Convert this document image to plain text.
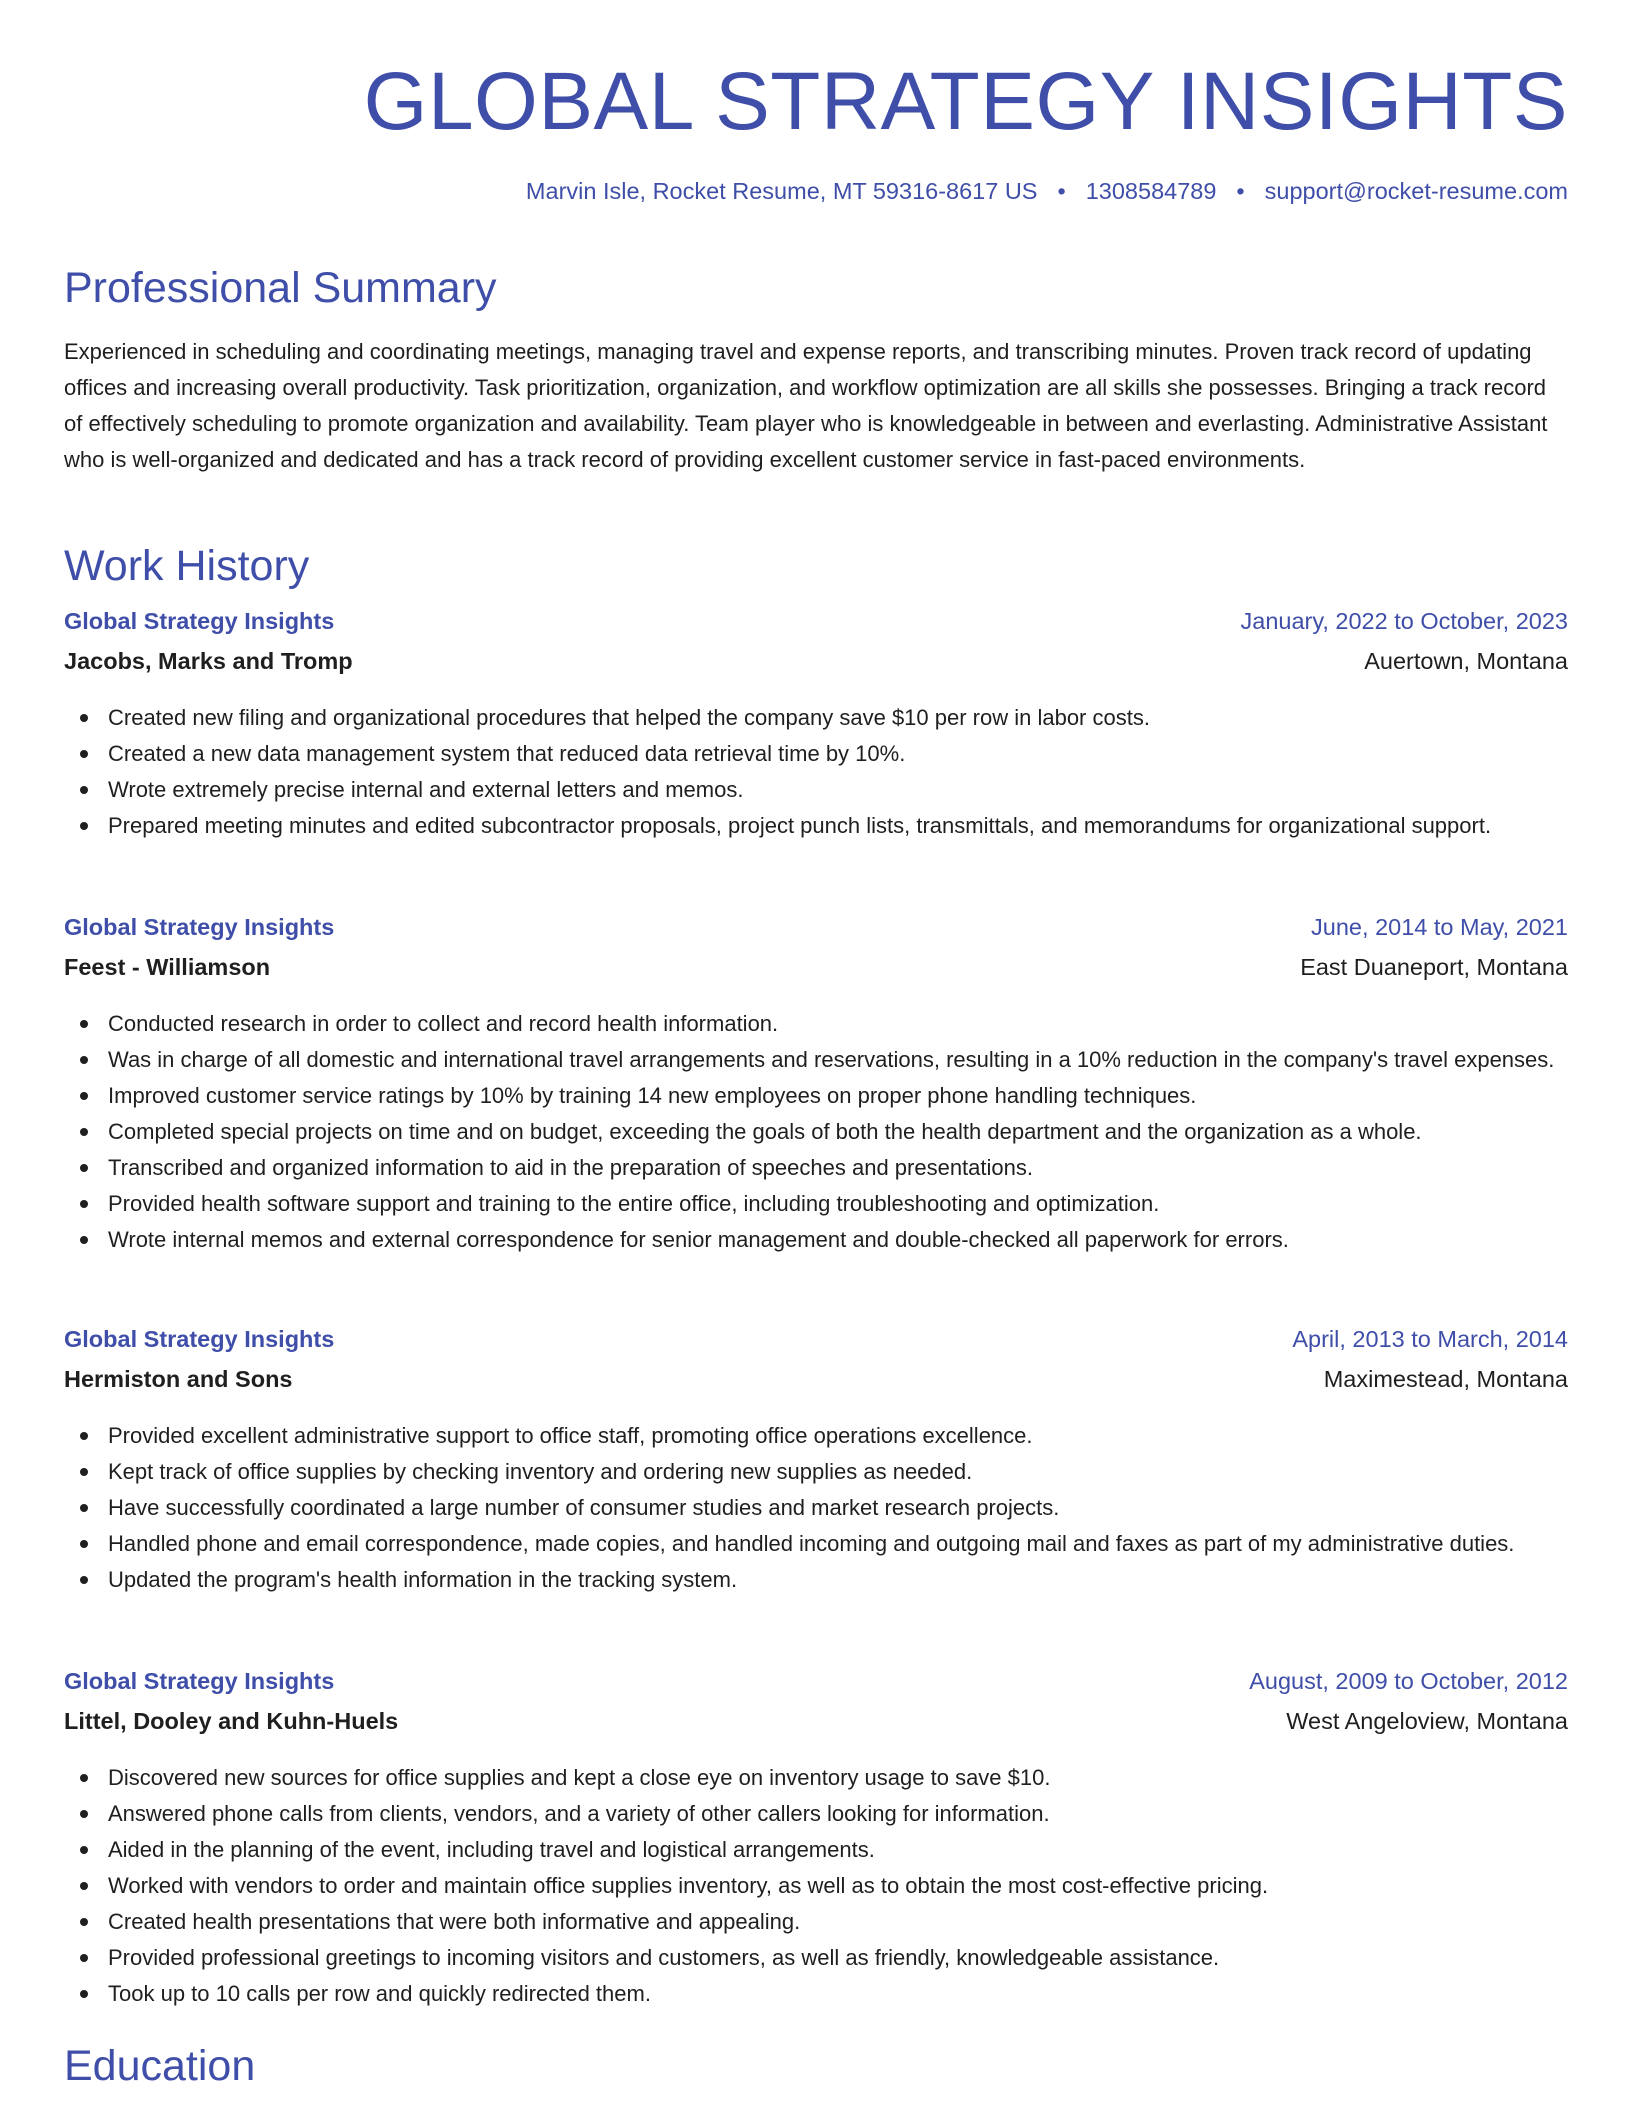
GLOBAL STRATEGY INSIGHTS
Marvin Isle, Rocket Resume, MT 59316-8617 US • 1308584789 • support@rocket-resume.com
Professional Summary

Experienced in scheduling and coordinating meetings, managing travel and expense reports, and transcribing minutes. Proven track record of updating offices and increasing overall productivity. Task prioritization, organization, and workflow optimization are all skills she possesses. Bringing a track record of effectively scheduling to promote organization and availability. Team player who is knowledgeable in between and everlasting. Administrative Assistant who is well-organized and dedicated and has a track record of providing excellent customer service in fast-paced environments.

Work History
Global Strategy Insights	January, 2022 to October, 2023
Jacobs, Marks and Tromp	Auertown, Montana
Created new filing and organizational procedures that helped the company save $10 per row in labor costs.
Created a new data management system that reduced data retrieval time by 10%.
Wrote extremely precise internal and external letters and memos.
Prepared meeting minutes and edited subcontractor proposals, project punch lists, transmittals, and memorandums for organizational support.
Global Strategy Insights	June, 2014 to May, 2021
Feest - Williamson	East Duaneport, Montana
Conducted research in order to collect and record health information.
Was in charge of all domestic and international travel arrangements and reservations, resulting in a 10% reduction in the company's travel expenses.
Improved customer service ratings by 10% by training 14 new employees on proper phone handling techniques.
Completed special projects on time and on budget, exceeding the goals of both the health department and the organization as a whole.
Transcribed and organized information to aid in the preparation of speeches and presentations.
Provided health software support and training to the entire office, including troubleshooting and optimization.
Wrote internal memos and external correspondence for senior management and double-checked all paperwork for errors.
Global Strategy Insights	April, 2013 to March, 2014
Hermiston and Sons	Maximestead, Montana
Provided excellent administrative support to office staff, promoting office operations excellence.
Kept track of office supplies by checking inventory and ordering new supplies as needed.
Have successfully coordinated a large number of consumer studies and market research projects.
Handled phone and email correspondence, made copies, and handled incoming and outgoing mail and faxes as part of my administrative duties.
Updated the program's health information in the tracking system.
Global Strategy Insights	August, 2009 to October, 2012
Littel, Dooley and Kuhn-Huels	West Angeloview, Montana
Discovered new sources for office supplies and kept a close eye on inventory usage to save $10.
Answered phone calls from clients, vendors, and a variety of other callers looking for information.
Aided in the planning of the event, including travel and logistical arrangements.
Worked with vendors to order and maintain office supplies inventory, as well as to obtain the most cost-effective pricing.
Created health presentations that were both informative and appealing.
Provided professional greetings to incoming visitors and customers, as well as friendly, knowledgeable assistance.
Took up to 10 calls per row and quickly redirected them.
Education
